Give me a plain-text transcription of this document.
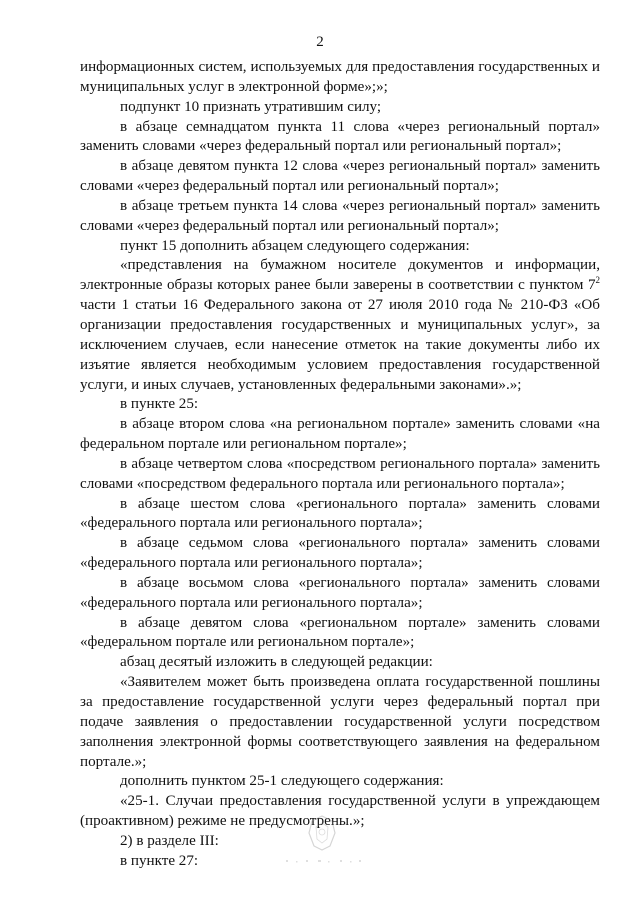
2

информационных систем, используемых для предоставления государственных и муниципальных услуг в электронной форме»;»;

подпункт 10 признать утратившим силу;

в абзаце семнадцатом пункта 11 слова «через региональный портал» заменить словами «через федеральный портал или региональный портал»;

в абзаце девятом пункта 12 слова «через региональный портал» заменить словами «через федеральный портал или региональный портал»;

в абзаце третьем пункта 14 слова «через региональный портал» заменить словами «через федеральный портал или региональный портал»;

пункт 15 дополнить абзацем следующего содержания:

«представления на бумажном носителе документов и информации, электронные образы которых ранее были заверены в соответствии с пунктом $7^2$ части 1 статьи 16 Федерального закона от 27 июля 2010 года № 210-ФЗ «Об организации предоставления государственных и муниципальных услуг», за исключением случаев, если нанесение отметок на такие документы либо их изъятие является необходимым условием предоставления государственной услуги, и иных случаев, установленных федеральными законами».»;

в пункте 25:

в абзаце втором слова «на региональном портале» заменить словами «на федеральном портале или региональном портале»;

в абзаце четвертом слова «посредством регионального портала» заменить словами «посредством федерального портала или регионального портала»;

в абзаце шестом слова «регионального портала» заменить словами «федерального портала или регионального портала»;

в абзаце седьмом слова «регионального портала» заменить словами «федерального портала или регионального портала»;

в абзаце восьмом слова «регионального портала» заменить словами «федерального портала или регионального портала»;

в абзаце девятом слова «региональном портале» заменить словами «федеральном портале или региональном портале»;

абзац десятый изложить в следующей редакции:

«Заявителем может быть произведена оплата государственной пошлины за предоставление государственной услуги через федеральный портал при подаче заявления о предоставлении государственной услуги посредством заполнения электронной формы соответствующего заявления на федеральном портале.»;

дополнить пунктом 25-1 следующего содержания:

«25-1. Случаи предоставления государственной услуги в упреждающем (проактивном) режиме не предусмотрены.»;

2) в разделе III:

в пункте 27:
